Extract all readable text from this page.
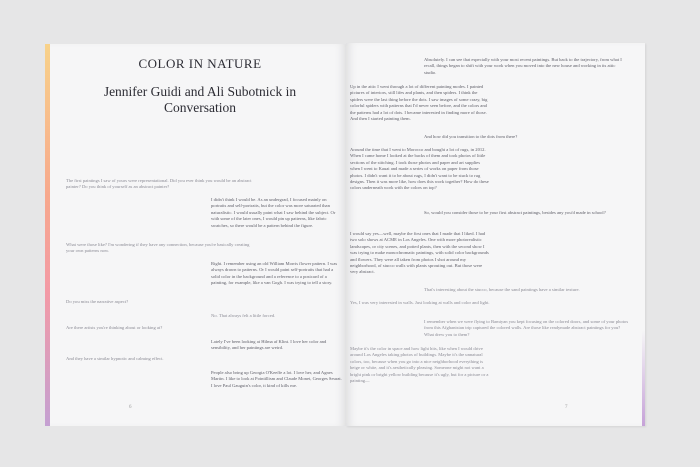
COLOR IN NATURE
Jennifer Guidi and Ali Subotnick in Conversation
The first paintings I saw of yours were representational. Did you ever think you would be an abstract painter? Do you think of yourself as an abstract painter?
I didn't think I would be. As an undergrad, I focused mainly on portraits and self-portraits, but the color was more saturated than naturalistic. I would usually paint what I saw behind the subject. Or with some of the later ones, I would pin up patterns, like fabric swatches, so there would be a pattern behind the figure.
What were those like? I'm wondering if they have any connection, because you're basically creating your own patterns now.
Right. I remember using an old William Morris flower pattern. I was always drawn to patterns. Or I would paint self-portraits that had a solid color in the background and a reference to a postcard of a painting, for example, like a van Gogh. I was trying to tell a story.
Do you miss the narrative aspect?
No. That always felt a little forced.
Are there artists you're thinking about or looking at?
Lately I've been looking at Hilma af Klint. I love her color and sensibility, and her paintings are weird.
And they have a similar hypnotic and calming effect.
People also bring up Georgia O'Keeffe a lot. I love her, and Agnes Martin. I like to look at Pointillism and Claude Monet, Georges Seurat. I love Paul Gauguin's color, it kind of kills me.
6
Absolutely. I can see that especially with your most recent paintings. But back to the trajectory, from what I recall, things began to shift with your work when you moved into the new house and working in its attic studio.
Up in the attic I went through a lot of different painting modes. I painted pictures of interiors, still lifes and plants, and then spiders. I think the spiders were the last thing before the dots. I saw images of some crazy, big colorful spiders with patterns that I'd never seen before, and the colors and the patterns had a lot of dots. I became interested in finding more of those. And then I started painting them.
And how did you transition to the dots from there?
Around the time that I went to Morocco and bought a lot of rugs, in 2012. When I came home I looked at the backs of them and took photos of little sections of the stitching. I took those photos and paper and art supplies when I went to Kauai and made a series of works on paper from those photos. I didn't want it to be about rugs, I didn't want to be stuck to rug designs. Then it was more like, how does this work together? How do these colors underneath work with the colors on top?
So, would you consider those to be your first abstract paintings, besides any you'd made in school?
I would say yes—well, maybe the first ones that I made that I liked. I had two solo shows at ACME in Los Angeles. One with more photorealistic landscapes, or city scenes, and potted plants, then with the second show I was trying to make monochromatic paintings, with solid color backgrounds and flowers. They were all taken from photos I shot around my neighborhood, of stucco walls with plants sprouting out. But those were very abstract.
That's interesting about the stucco, because the sand paintings have a similar texture.
Yes, I was very interested in walls. Just looking at walls and color and light.
I remember when we were flying to Bamiyan you kept focusing on the colored doors, and some of your photos from this Afghanistan trip captured the colored walls. Are those like readymade abstract paintings for you? What drew you to them?
Maybe it's the color in space and how light hits, like when I would drive around Los Angeles taking photos of buildings. Maybe it's the unnatural colors, too, because when you go into a nice neighborhood everything is beige or white, and it's aesthetically pleasing. Someone might not want a bright pink or bright yellow building because it's ugly, but for a picture or a painting—
7
